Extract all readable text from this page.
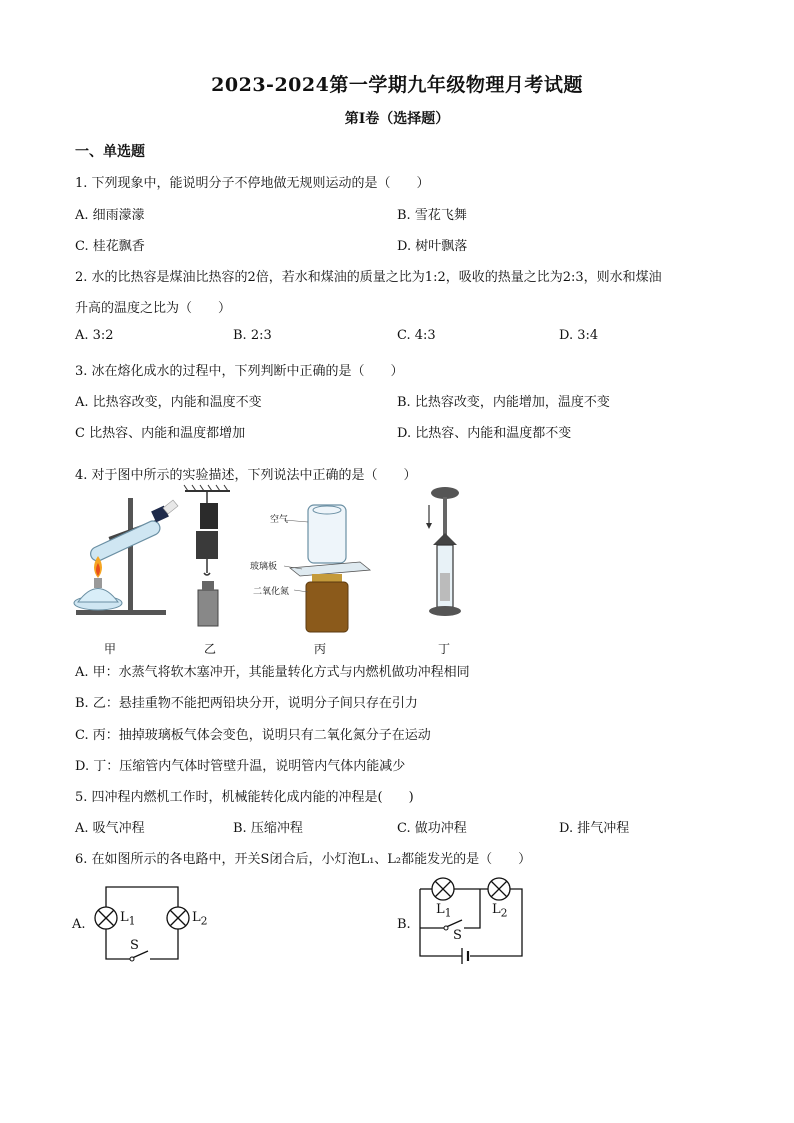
2023-2024第一学期九年级物理月考试题
第Ⅰ卷（选择题）
一、单选题
1. 下列现象中，能说明分子不停地做无规则运动的是（　　）
A. 细雨濛濛	B. 雪花飞舞
C. 桂花飘香	D. 树叶飘落
2. 水的比热容是煤油比热容的2倍，若水和煤油的质量之比为1:2，吸收的热量之比为2:3，则水和煤油
升高的温度之比为（　　）
A. 3:2	B. 2:3	C. 4:3	D. 3:4
3. 冰在熔化成水的过程中，下列判断中正确的是（　　）
A. 比热容改变，内能和温度不变	B. 比热容改变，内能增加，温度不变
C 比热容、内能和温度都增加	D. 比热容、内能和温度都不变
4. 对于图中所示的实验描述，下列说法中正确的是（　　）
空气
玻璃板
二氧化氮
甲	乙	丙	丁
A. 甲：水蒸气将软木塞冲开，其能量转化方式与内燃机做功冲程相同
B. 乙：悬挂重物不能把两铅块分开，说明分子间只存在引力
C. 丙：抽掉玻璃板气体会变色，说明只有二氧化氮分子在运动
D. 丁：压缩管内气体时管壁升温，说明管内气体内能减少
5. 四冲程内燃机工作时，机械能转化成内能的冲程是(　　)
A. 吸气冲程	B. 压缩冲程	C. 做功冲程	D. 排气冲程
6. 在如图所示的各电路中，开关S闭合后，小灯泡L₁、L₂都能发光的是（　　）
A.	$L_1$	$L_2$
S
B.
$L_1$	$L_2$
S
